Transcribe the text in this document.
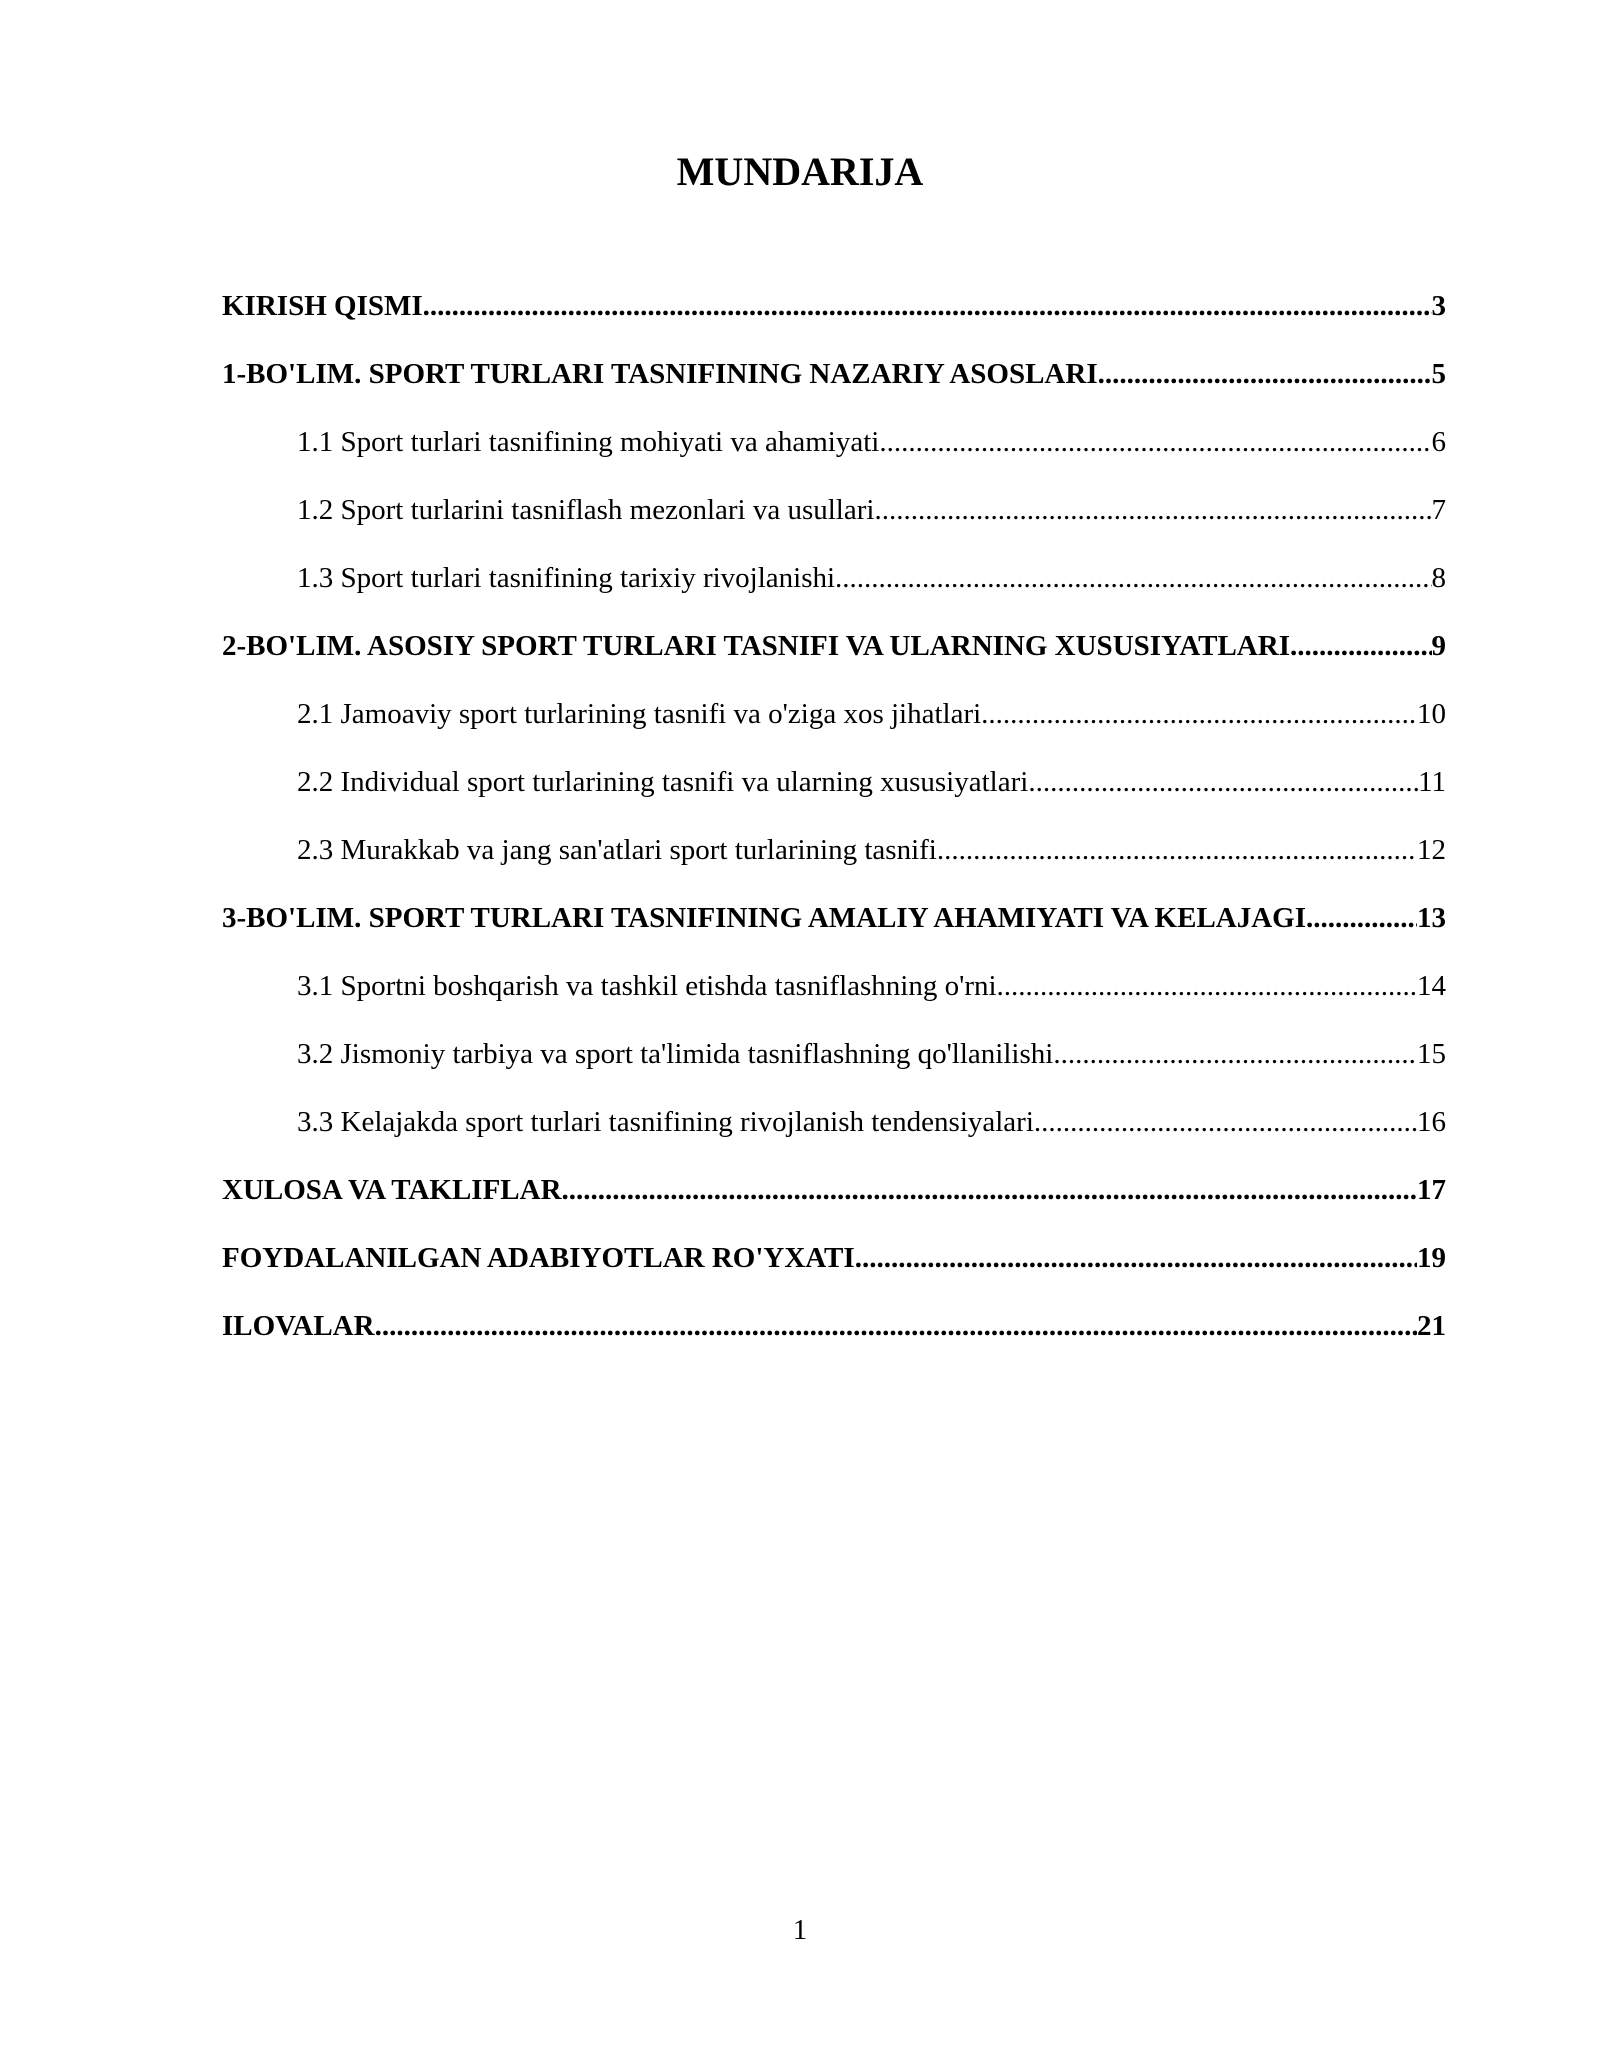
MUNDARIJA
KIRISH QISMI .....	3
1-BO'LIM. SPORT TURLARI TASNIFINING NAZARIY ASOSLARI .....	5
1.1 Sport turlari tasnifining mohiyati va ahamiyati .....	6
1.2 Sport turlarini tasniflash mezonlari va usullari .....	7
1.3 Sport turlari tasnifining tarixiy rivojlanishi .....	8
2-BO'LIM. ASOSIY SPORT TURLARI TASNIFI VA ULARNING XUSUSIYATLARI .....	9
2.1 Jamoaviy sport turlarining tasnifi va o'ziga xos jihatlari .....	10
2.2 Individual sport turlarining tasnifi va ularning xususiyatlari .....	11
2.3 Murakkab va jang san'atlari sport turlarining tasnifi .....	12
3-BO'LIM. SPORT TURLARI TASNIFINING AMALIY AHAMIYATI VA KELAJAGI .....	13
3.1 Sportni boshqarish va tashkil etishda tasniflashning o'rni .....	14
3.2 Jismoniy tarbiya va sport ta'limida tasniflashning qo'llanilishi .....	15
3.3 Kelajakda sport turlari tasnifining rivojlanish tendensiyalari .....	16
XULOSA VA TAKLIFLAR .....	17
FOYDALANILGAN ADABIYOTLAR RO'YXATI .....	19
ILOVALAR .....	21
1
